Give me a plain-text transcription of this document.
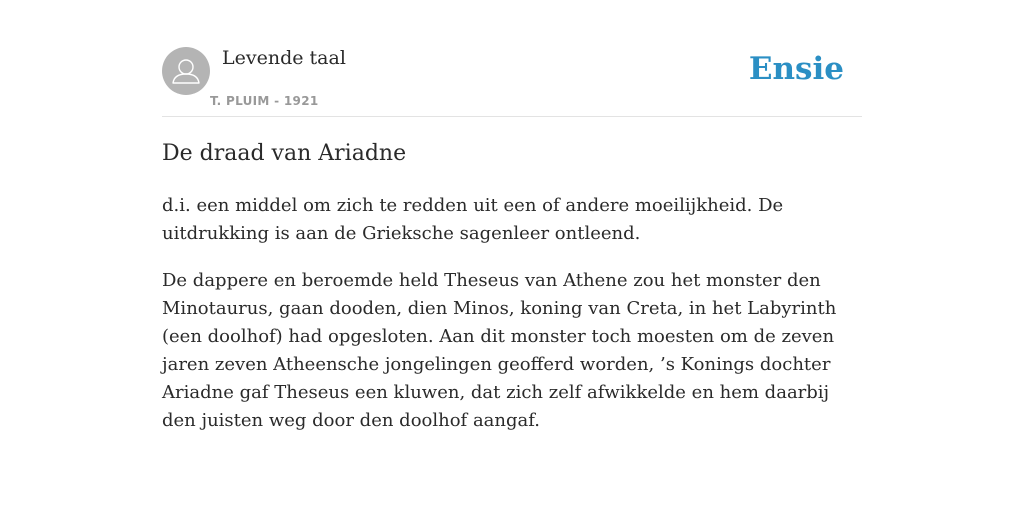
Levende taal
T. PLUIM - 1921
Ensie
De draad van Ariadne

d.i. een middel om zich te redden uit een of andere moeilijkheid. De uitdrukking is aan de Grieksche sagenleer ontleend.

De dappere en beroemde held Theseus van Athene zou het monster den Minotaurus, gaan dooden, dien Minos, koning van Creta, in het Labyrinth (een doolhof) had opgesloten. Aan dit monster toch moesten om de zeven jaren zeven Atheensche jongelingen geofferd worden, ’s Konings dochter Ariadne gaf Theseus een kluwen, dat zich zelf afwikkelde en hem daarbij den juisten weg door den doolhof aangaf.
